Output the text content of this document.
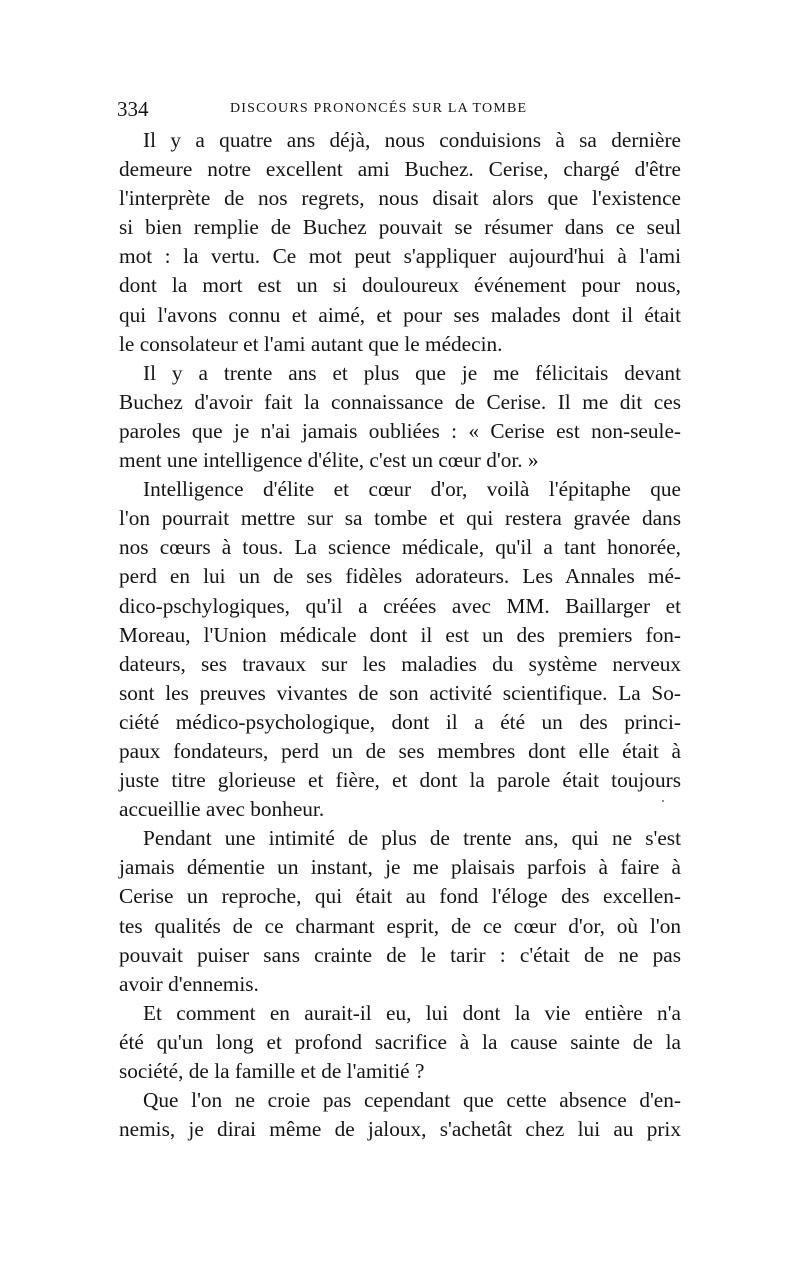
334	DISCOURS PRONONCÉS SUR LA TOMBE
Il y a quatre ans déjà, nous conduisions à sa dernière
demeure notre excellent ami Buchez. Cerise, chargé d'être
l'interprète de nos regrets, nous disait alors que l'existence
si bien remplie de Buchez pouvait se résumer dans ce seul
mot : la vertu. Ce mot peut s'appliquer aujourd'hui à l'ami
dont la mort est un si douloureux événement pour nous,
qui l'avons connu et aimé, et pour ses malades dont il était
le consolateur et l'ami autant que le médecin.
Il y a trente ans et plus que je me félicitais devant
Buchez d'avoir fait la connaissance de Cerise. Il me dit ces
paroles que je n'ai jamais oubliées : « Cerise est non-seule-
ment une intelligence d'élite, c'est un cœur d'or. »
Intelligence d'élite et cœur d'or, voilà l'épitaphe que
l'on pourrait mettre sur sa tombe et qui restera gravée dans
nos cœurs à tous. La science médicale, qu'il a tant honorée,
perd en lui un de ses fidèles adorateurs. Les Annales mé-
dico-pschylogiques, qu'il a créées avec MM. Baillarger et
Moreau, l'Union médicale dont il est un des premiers fon-
dateurs, ses travaux sur les maladies du système nerveux
sont les preuves vivantes de son activité scientifique. La So-
ciété médico-psychologique, dont il a été un des princi-
paux fondateurs, perd un de ses membres dont elle était à
juste titre glorieuse et fière, et dont la parole était toujours
accueillie avec bonheur.
Pendant une intimité de plus de trente ans, qui ne s'est
jamais démentie un instant, je me plaisais parfois à faire à
Cerise un reproche, qui était au fond l'éloge des excellen-
tes qualités de ce charmant esprit, de ce cœur d'or, où l'on
pouvait puiser sans crainte de le tarir : c'était de ne pas
avoir d'ennemis.
Et comment en aurait-il eu, lui dont la vie entière n'a
été qu'un long et profond sacrifice à la cause sainte de la
société, de la famille et de l'amitié ?
Que l'on ne croie pas cependant que cette absence d'en-
nemis, je dirai même de jaloux, s'achetât chez lui au prix
